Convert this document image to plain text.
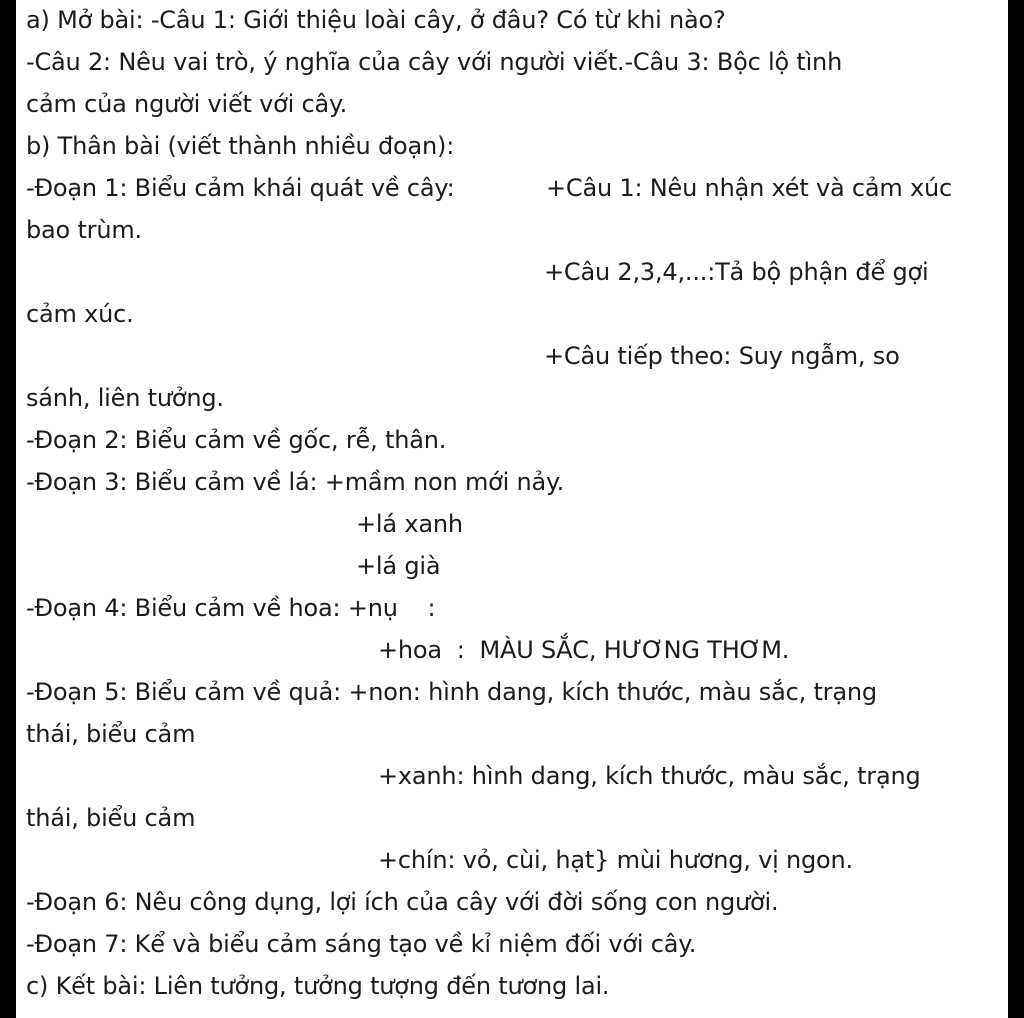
a) Mở bài: -Câu 1: Giới thiệu loài cây, ở đâu? Có từ khi nào?
-Câu 2: Nêu vai trò, ý nghĩa của cây với người viết.-Câu 3: Bộc lộ tình
cảm của người viết với cây.
b) Thân bài (viết thành nhiều đoạn):
-Đoạn 1: Biểu cảm khái quát về cây:	+Câu 1: Nêu nhận xét và cảm xúc
bao trùm.
+Câu 2,3,4,...:Tả bộ phận để gợi
cảm xúc.
+Câu tiếp theo: Suy ngẫm, so
sánh, liên tưởng.
-Đoạn 2: Biểu cảm về gốc, rễ, thân.
-Đoạn 3: Biểu cảm về lá: +mầm non mới nảy.
+lá xanh
+lá già
-Đoạn 4: Biểu cảm về hoa: +nụ    :
+hoa  :  MÀU SẮC, HƯƠNG THƠM.
-Đoạn 5: Biểu cảm về quả: +non: hình dang, kích thước, màu sắc, trạng
thái, biểu cảm
+xanh: hình dang, kích thước, màu sắc, trạng
thái, biểu cảm
+chín: vỏ, cùi, hạt} mùi hương, vị ngon.
-Đoạn 6: Nêu công dụng, lợi ích của cây với đời sống con người.
-Đoạn 7: Kể và biểu cảm sáng tạo về kỉ niệm đối với cây.
c) Kết bài: Liên tưởng, tưởng tượng đến tương lai.
